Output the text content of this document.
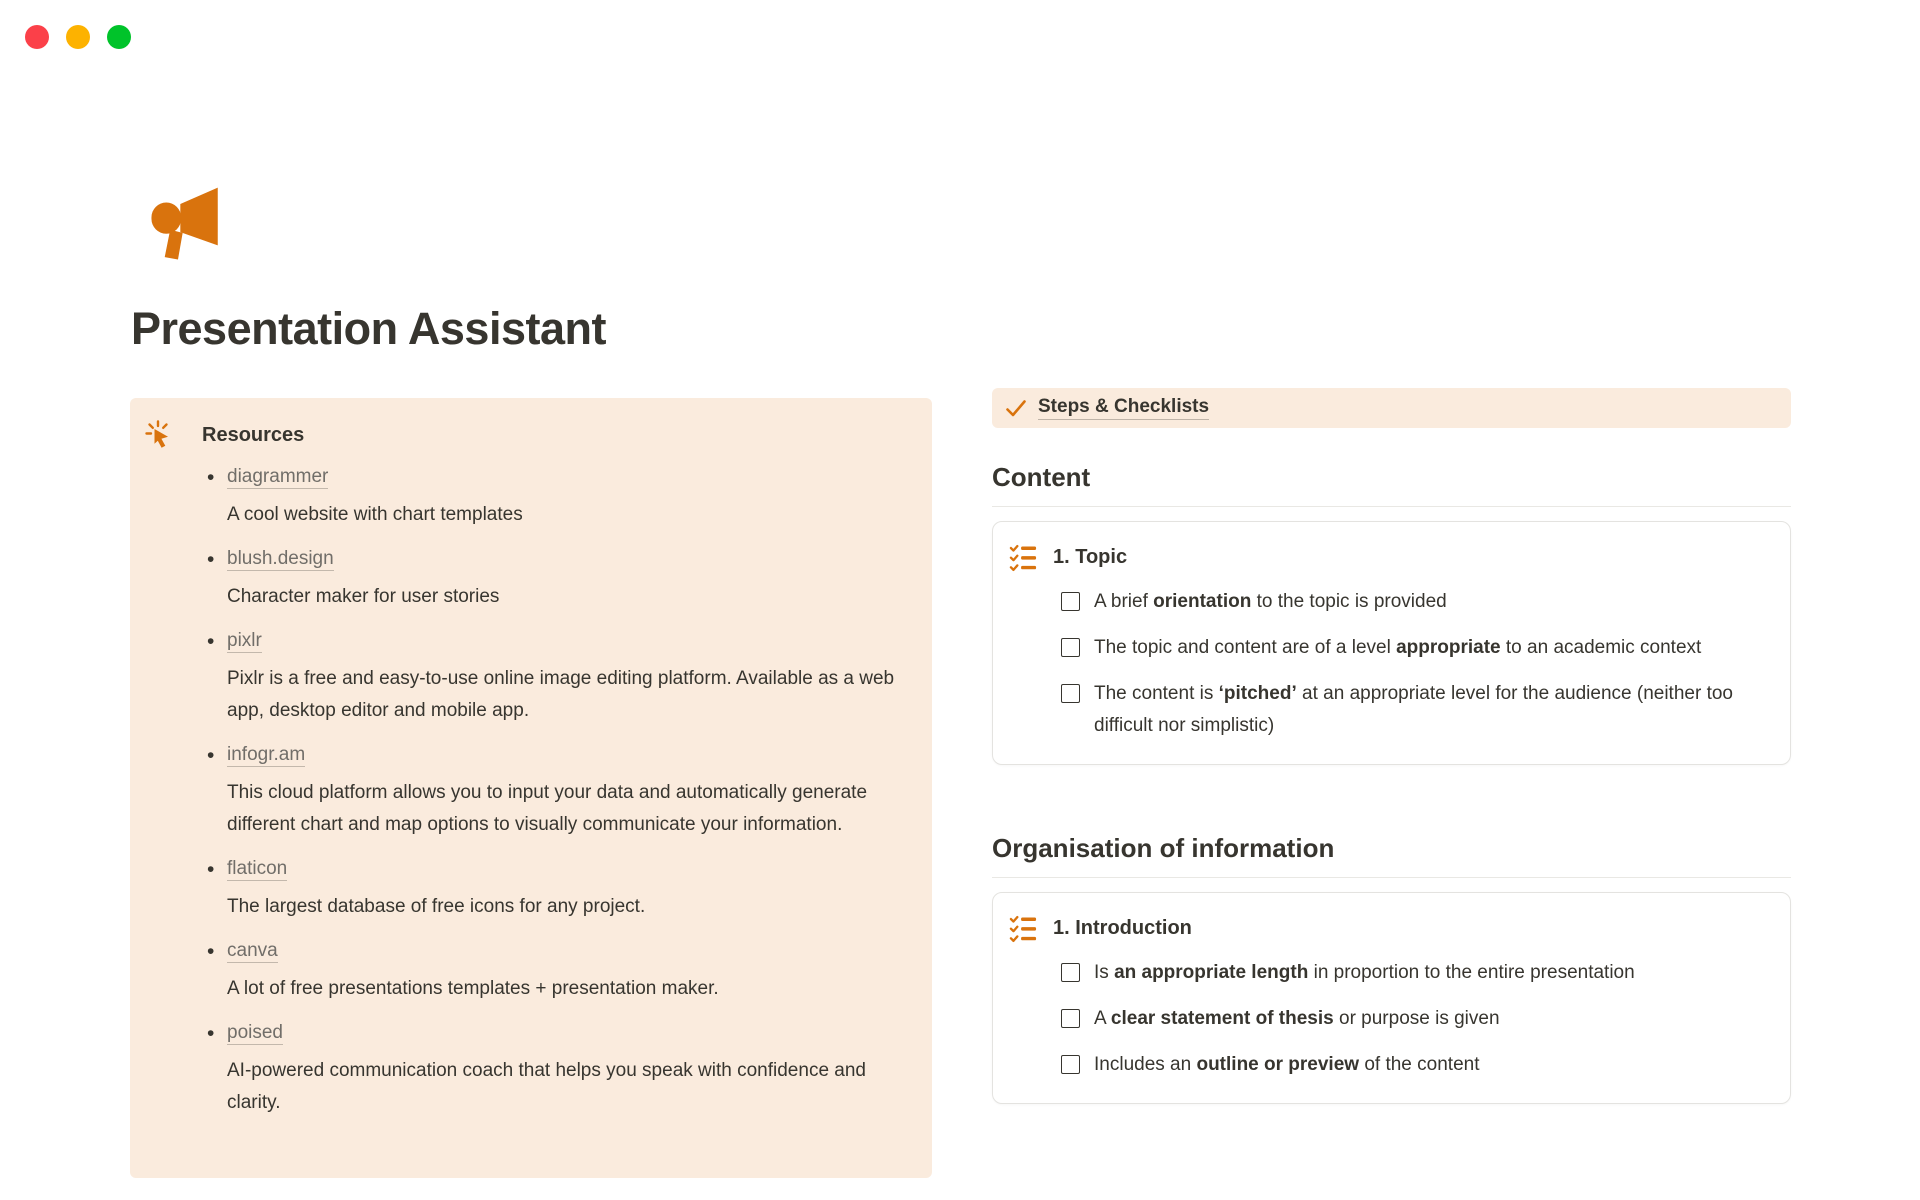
Presentation Assistant
Resources
• diagrammer
A cool website with chart templates
• blush.design
Character maker for user stories
• pixlr
Pixlr is a free and easy-to-use online image editing platform. Available as a web app, desktop editor and mobile app.
• infogr.am
This cloud platform allows you to input your data and automatically generate different chart and map options to visually communicate your information.
• flaticon
The largest database of free icons for any project.
• canva
A lot of free presentations templates + presentation maker.
• poised
AI-powered communication coach that helps you speak with confidence and clarity.
Steps & Checklists
Content
1. Topic
A brief orientation to the topic is provided
The topic and content are of a level appropriate to an academic context
The content is ‘pitched’ at an appropriate level for the audience (neither too difficult nor simplistic)
Organisation of information
1. Introduction
Is an appropriate length in proportion to the entire presentation
A clear statement of thesis or purpose is given
Includes an outline or preview of the content
